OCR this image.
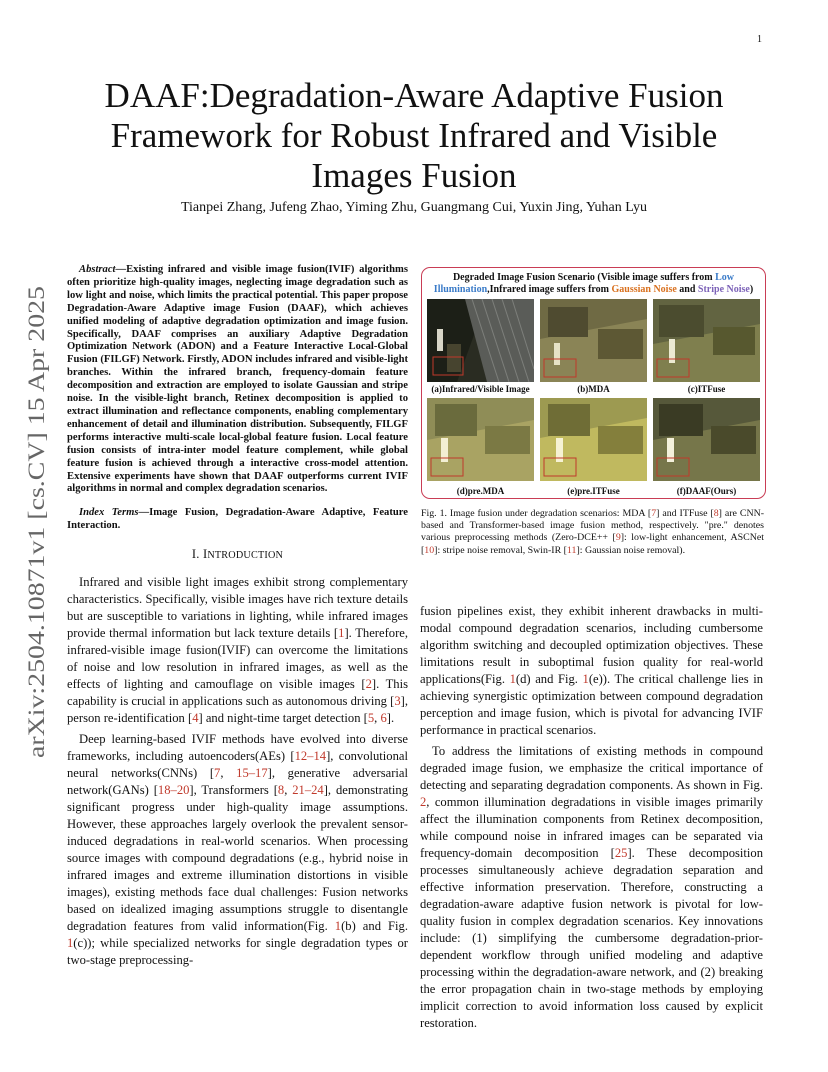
1
arXiv:2504.10871v1 [cs.CV] 15 Apr 2025
DAAF:Degradation-Aware Adaptive Fusion Framework for Robust Infrared and Visible Images Fusion
Tianpei Zhang, Jufeng Zhao, Yiming Zhu, Guangmang Cui, Yuxin Jing, Yuhan Lyu

Abstract—Existing infrared and visible image fusion(IVIF) algorithms often prioritize high-quality images, neglecting image degradation such as low light and noise, which limits the practical potential. This paper propose Degradation-Aware Adaptive image Fusion (DAAF), which achieves unified modeling of adaptive degradation optimization and image fusion. Specifically, DAAF comprises an auxiliary Adaptive Degradation Optimization Network (ADON) and a Feature Interactive Local-Global Fusion (FILGF) Network. Firstly, ADON includes infrared and visible-light branches. Within the infrared branch, frequency-domain feature decomposition and extraction are employed to isolate Gaussian and stripe noise. In the visible-light branch, Retinex decomposition is applied to extract illumination and reflectance components, enabling complementary enhancement of detail and illumination distribution. Subsequently, FILGF performs interactive multi-scale local-global feature fusion. Local feature fusion consists of intra-inter model feature complement, while global feature fusion is achieved through a interactive cross-model attention. Extensive experiments have shown that DAAF outperforms current IVIF algorithms in normal and complex degradation scenarios.

Index Terms—Image Fusion, Degradation-Aware Adaptive, Feature Interaction.

I. INTRODUCTION

Infrared and visible light images exhibit strong complementary characteristics. Specifically, visible images have rich texture details but are susceptible to variations in lighting, while infrared images provide thermal information but lack texture details [1]. Therefore, infrared-visible image fusion(IVIF) can overcome the limitations of noise and low resolution in infrared images, as well as the effects of lighting and camouflage on visible images [2]. This capability is crucial in applications such as autonomous driving [3], person re-identification [4] and night-time target detection [5, 6].

Deep learning-based IVIF methods have evolved into diverse frameworks, including autoencoders(AEs) [12–14], convolutional neural networks(CNNs) [7, 15–17], generative adversarial network(GANs) [18–20], Transformers [8, 21–24], demonstrating significant progress under high-quality image assumptions. However, these approaches largely overlook the prevalent sensor-induced degradations in real-world scenarios. When processing source images with compound degradations (e.g., hybrid noise in infrared images and extreme illumination distortions in visible images), existing methods face dual challenges: Fusion networks based on idealized imaging assumptions struggle to disentangle degradation features from valid information(Fig. 1(b) and Fig. 1(c)); while specialized networks for single degradation types or two-stage preprocessing-

Degraded Image Fusion Scenario (Visible image suffers from Low Illumination,Infrared image suffers from Gaussian Noise and Stripe Noise)
(a)Infrared/Visible Image	(b)MDA	(c)ITFuse
(d)pre.MDA	(e)pre.ITFuse	(f)DAAF(Ours)
Fig. 1. Image fusion under degradation scenarios: MDA [7] and ITFuse [8] are CNN-based and Transformer-based image fusion method, respectively. "pre." denotes various preprocessing methods (Zero-DCE++ [9]: low-light enhancement, ASCNet [10]: stripe noise removal, Swin-IR [11]: Gaussian noise removal).

fusion pipelines exist, they exhibit inherent drawbacks in multi-modal compound degradation scenarios, including cumbersome algorithm switching and decoupled optimization objectives. These limitations result in suboptimal fusion quality for real-world applications(Fig. 1(d) and Fig. 1(e)). The critical challenge lies in achieving synergistic optimization between compound degradation perception and image fusion, which is pivotal for advancing IVIF performance in practical scenarios.

To address the limitations of existing methods in compound degraded image fusion, we emphasize the critical importance of detecting and separating degradation components. As shown in Fig. 2, common illumination degradations in visible images primarily affect the illumination components from Retinex decomposition, while compound noise in infrared images can be separated via frequency-domain decomposition [25]. These decomposition processes simultaneously achieve degradation separation and effective information preservation. Therefore, constructing a degradation-aware adaptive fusion network is pivotal for low-quality fusion in complex degradation scenarios. Key innovations include: (1) simplifying the cumbersome degradation-prior-dependent workflow through unified modeling and adaptive processing within the degradation-aware network, and (2) breaking the error propagation chain in two-stage methods by employing implicit correction to avoid information loss caused by explicit restoration.
